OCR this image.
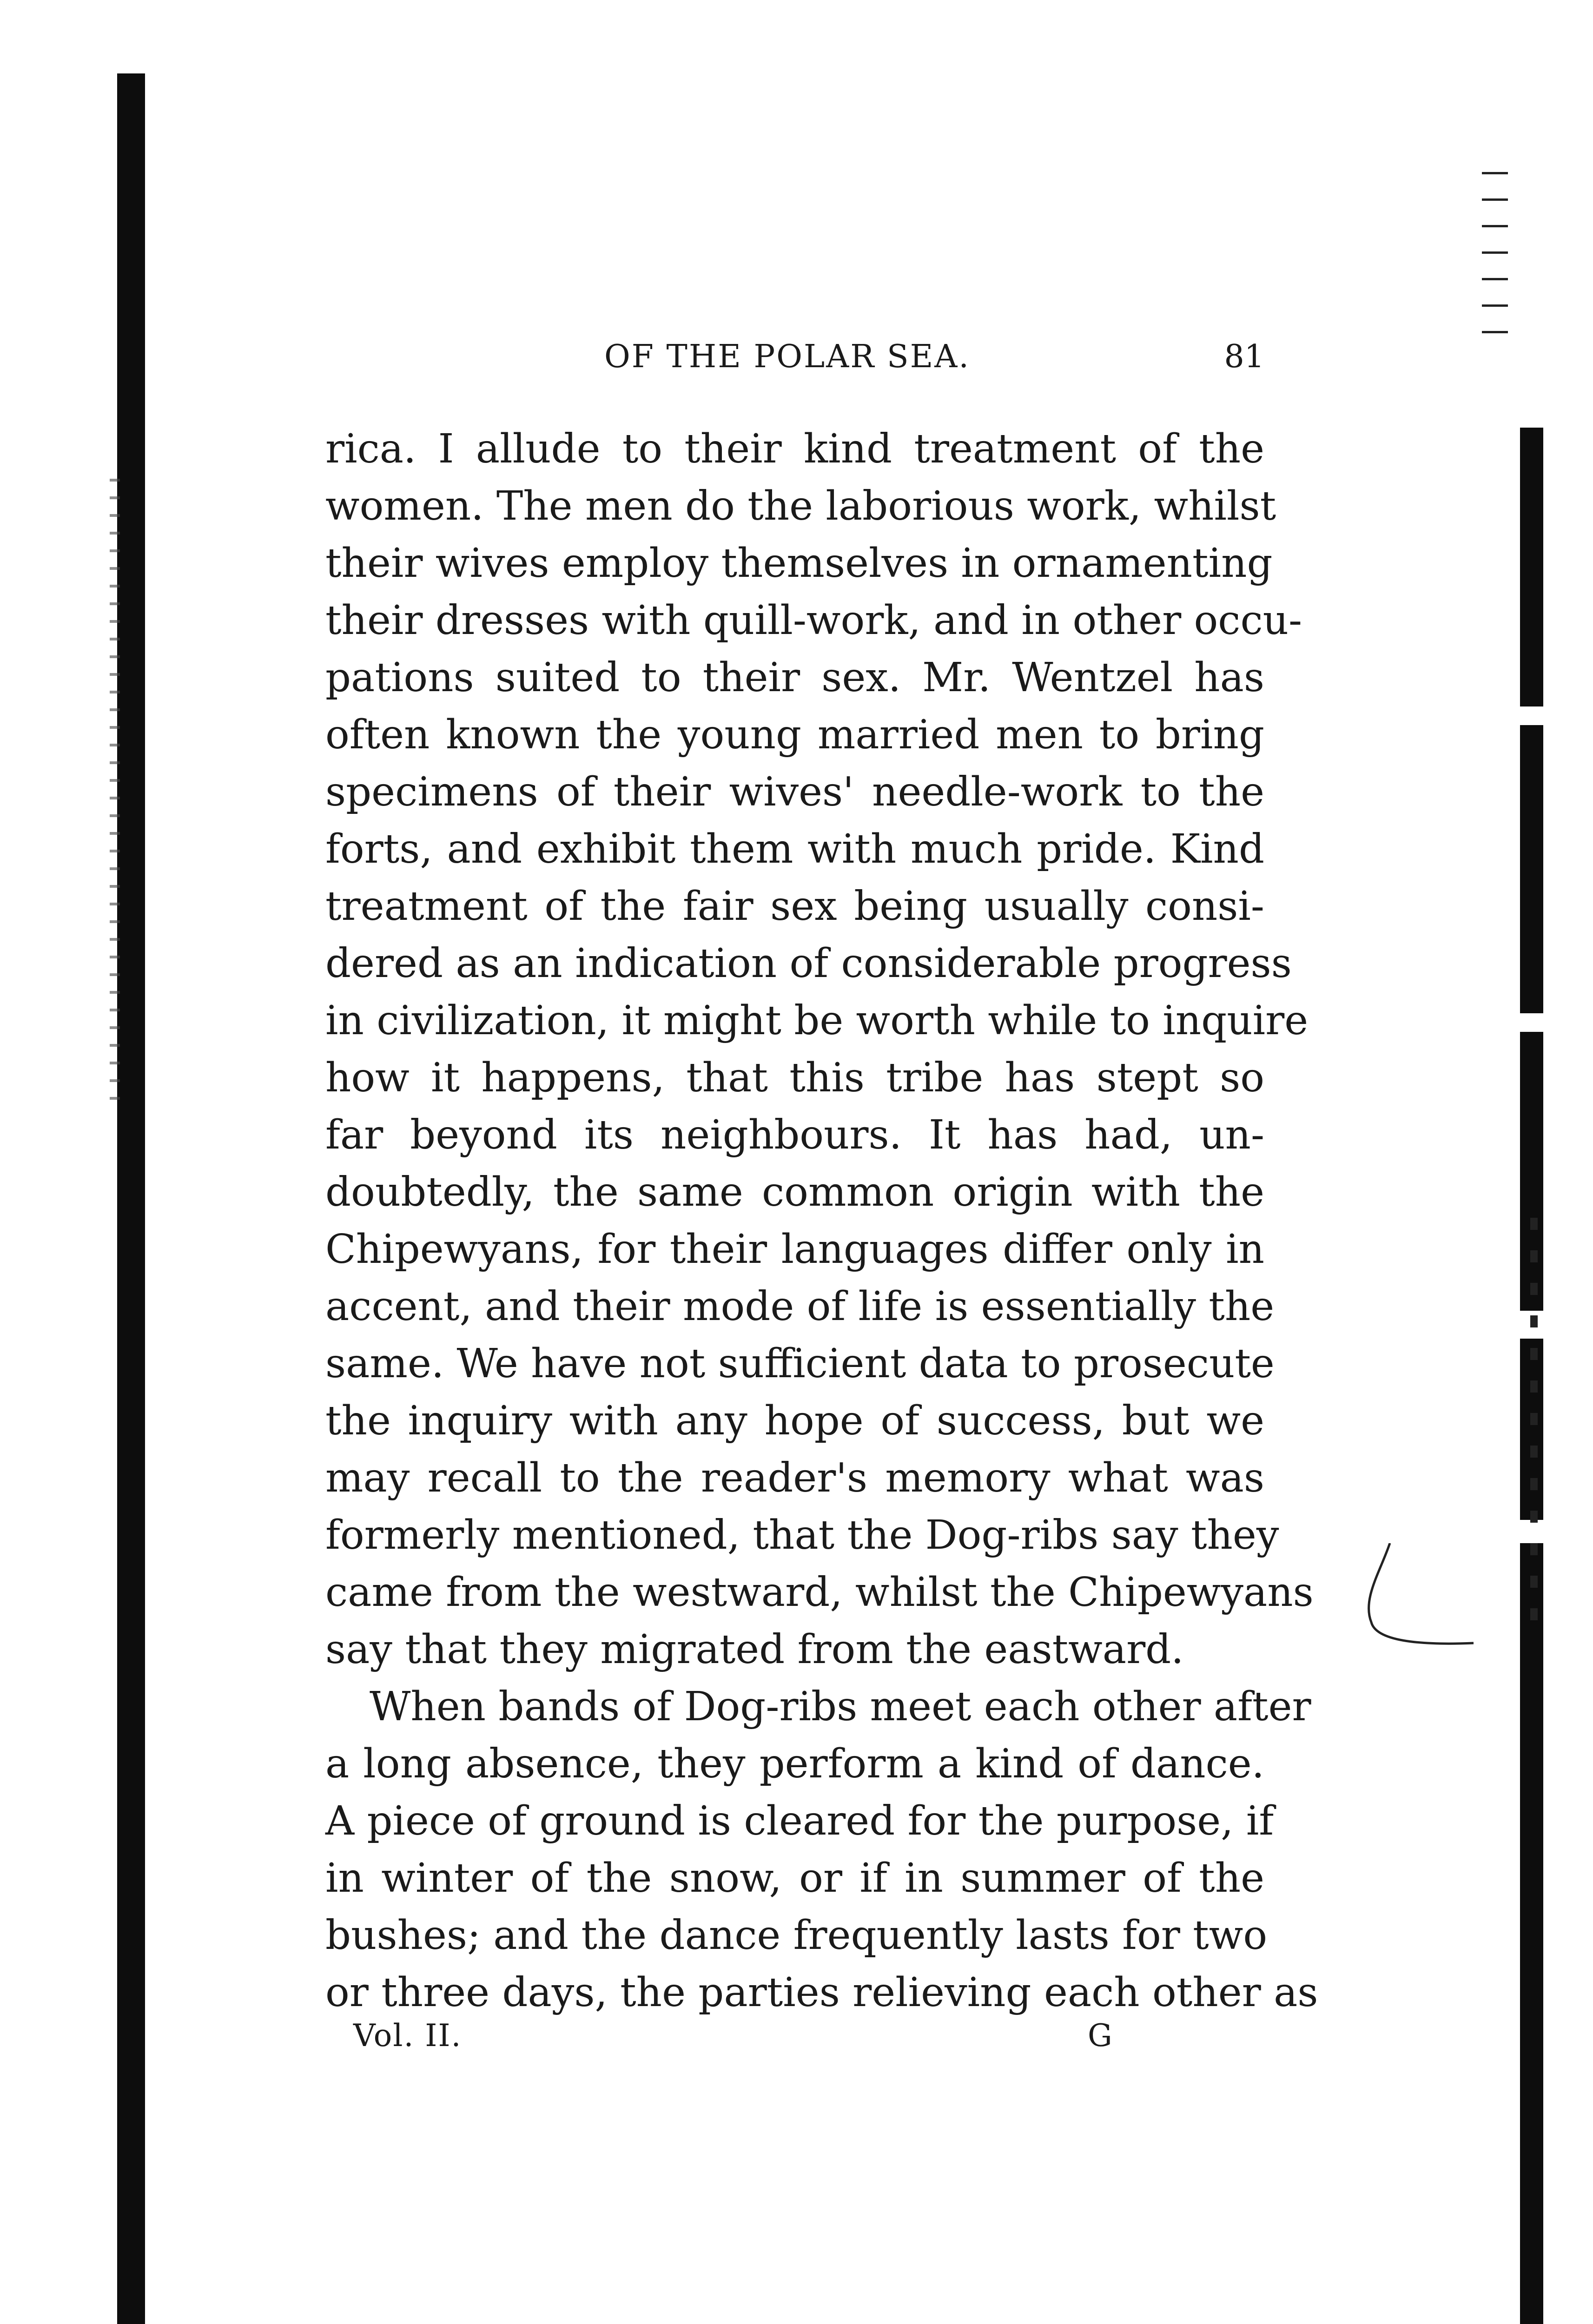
OF THE POLAR SEA.	81
rica. I allude to their kind treatment of the
women. The men do the laborious work, whilst
their wives employ themselves in ornamenting
their dresses with quill-work, and in other occu-
pations suited to their sex. Mr. Wentzel has
often known the young married men to bring
specimens of their wives' needle-work to the
forts, and exhibit them with much pride. Kind
treatment of the fair sex being usually consi-
dered as an indication of considerable progress
in civilization, it might be worth while to inquire
how it happens, that this tribe has stept so
far beyond its neighbours. It has had, un-
doubtedly, the same common origin with the
Chipewyans, for their languages differ only in
accent, and their mode of life is essentially the
same. We have not sufficient data to prosecute
the inquiry with any hope of success, but we
may recall to the reader's memory what was
formerly mentioned, that the Dog-ribs say they
came from the westward, whilst the Chipewyans
say that they migrated from the eastward.
When bands of Dog-ribs meet each other after
a long absence, they perform a kind of dance.
A piece of ground is cleared for the purpose, if
in winter of the snow, or if in summer of the
bushes; and the dance frequently lasts for two
or three days, the parties relieving each other as
Vol. II.	G
